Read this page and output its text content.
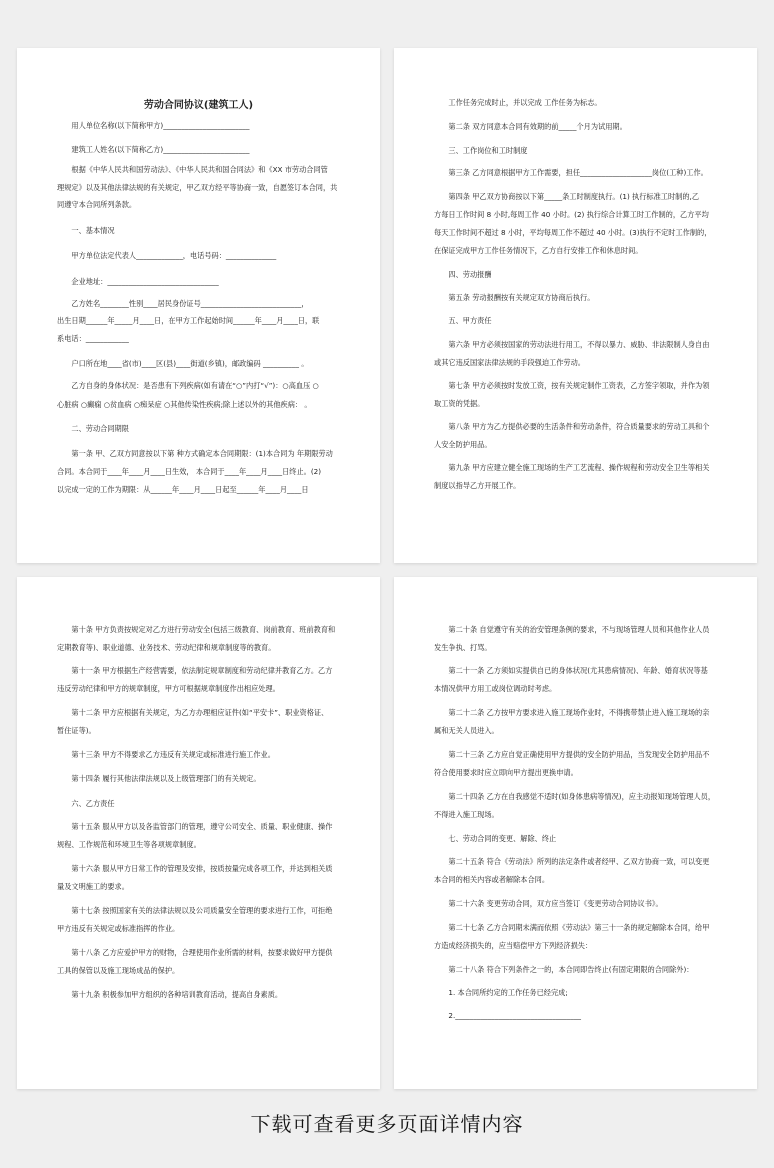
劳动合同协议(建筑工人)
　　用人单位名称(以下简称甲方)________________________
　　建筑工人姓名(以下简称乙方)________________________
　　根据《中华人民共和国劳动法》、《中华人民共和国合同法》和《XX 市劳动合同管
理规定》以及其他法律法规的有关规定，甲乙双方经平等协商一致，自愿签订本合同，共
同遵守本合同所列条款。
　　一、基本情况
　　甲方单位法定代表人_____________，电话号码：______________
　　企业地址：_______________________________
　　乙方姓名________性别____居民身份证号____________________________，
出生日期______年_____月____日，在甲方工作起始时间______年____月____日，联
系电话：____________
　　户口所在地____省(市)____区(县)____街道(乡镇)，邮政编码 __________ 。
　　乙方自身的身体状况：是否患有下列疾病(如有请在“○”内打“√”)：○高血压 ○
心脏病 ○癫痫 ○贫血病 ○痴呆症 ○其他传染性疾病;除上述以外的其他疾病： 。
　　二、劳动合同期限
　　第一条 甲、乙双方同意按以下第 种方式确定本合同期限：(1)本合同为 年期限劳动
合同。本合同于____年____月____日生效， 本合同于____年____月____日终止。(2)
以完成一定的工作为期限：从______年____月____日起至______年____月____日
　　工作任务完成时止，并以完成 工作任务为标志。
　　第二条 双方同意本合同有效期的前_____个月为试用期。
　　三、工作岗位和工时制度
　　第三条 乙方同意根据甲方工作需要，担任____________________岗位(工种)工作。
　　第四条 甲乙双方协商按以下第_____条工时制度执行。(1) 执行标准工时制的,乙
方每日工作时间 8 小时,每周工作 40 小时。(2) 执行综合计算工时工作制的，乙方平均
每天工作时间不超过 8 小时，平均每周工作不超过 40 小时。(3)执行不定时工作制的，
在保证完成甲方工作任务情况下，乙方自行安排工作和休息时间。
　　四、劳动报酬
　　第五条 劳动报酬按有关规定双方协商后执行。
　　五、甲方责任
　　第六条 甲方必须按国家的劳动法进行用工，不得以暴力、威胁、非法限制人身自由
或其它违反国家法律法规的手段强迫工作劳动。
　　第七条 甲方必须按时发放工资，按有关规定制作工资表，乙方签字领取，并作为领
取工资的凭据。
　　第八条 甲方为乙方提供必要的生活条件和劳动条件，符合质量要求的劳动工具和个
人安全防护用品。
　　第九条 甲方应建立健全施工现场的生产工艺流程、操作规程和劳动安全卫生等相关
制度以指导乙方开展工作。
　　第十条 甲方负责按规定对乙方进行劳动安全(包括三级教育、岗前教育、班前教育和
定期教育等)、职业道德、业务技术、劳动纪律和规章制度等的教育。
　　第十一条 甲方根据生产经营需要，依法制定规章制度和劳动纪律并教育乙方。乙方
违反劳动纪律和甲方的规章制度，甲方可根据规章制度作出相应处理。
　　第十二条 甲方应根据有关规定，为乙方办理相应证件(如“平安卡”、职业资格证、
暂住证等)。
　　第十三条 甲方不得要求乙方违反有关规定或标准进行施工作业。
　　第十四条 履行其他法律法规以及上级管理部门的有关规定。
　　六、乙方责任
　　第十五条 服从甲方以及各监管部门的管理，遵守公司安全、质量、职业健康、操作
规程、工作规范和环境卫生等各项规章制度。
　　第十六条 服从甲方日常工作的管理及安排，按质按量完成各项工作，并达到相关质
量及文明施工的要求。
　　第十七条 按照国家有关的法律法规以及公司质量安全管理的要求进行工作，可拒绝
甲方违反有关规定或标准指挥的作业。
　　第十八条 乙方应爱护甲方的财物，合理使用作业所需的材料，按要求做好甲方提供
工具的保管以及施工现场成品的保护。
　　第十九条 积极参加甲方组织的各种培训教育活动，提高自身素质。
　　第二十条 自觉遵守有关的治安管理条例的要求，不与现场管理人员和其他作业人员
发生争执、打骂。
　　第二十一条 乙方须如实提供自已的身体状况(尤其患病情况)、年龄、婚育状况等基
本情况供甲方用工或岗位调动时考虑。
　　第二十二条 乙方按甲方要求进入施工现场作业时，不得携带禁止进入施工现场的亲
属和无关人员进入。
　　第二十三条 乙方应自觉正确使用甲方提供的安全防护用品，当发现安全防护用品不
符合使用要求时应立即向甲方提出更换申请。
　　第二十四条 乙方在自我感觉不适时(如身体患病等情况)，应主动报知现场管理人员，
不得进入施工现场。
　　七、劳动合同的变更、解除、终止
　　第二十五条 符合《劳动法》所列的法定条件或者经甲、乙双方协商一致，可以变更
本合同的相关内容或者解除本合同。
　　第二十六条 变更劳动合同，双方应当签订《变更劳动合同协议书》。
　　第二十七条 乙方合同期未满而依照《劳动法》第三十一条的规定解除本合同，给甲
方造成经济损失的，应当赔偿甲方下列经济损失：
　　第二十八条 符合下列条件之一的，本合同即告终止(有固定期限的合同除外)：
　　1. 本合同所约定的工作任务已经完成;
　　2.___________________________________
下载可查看更多页面详情内容
